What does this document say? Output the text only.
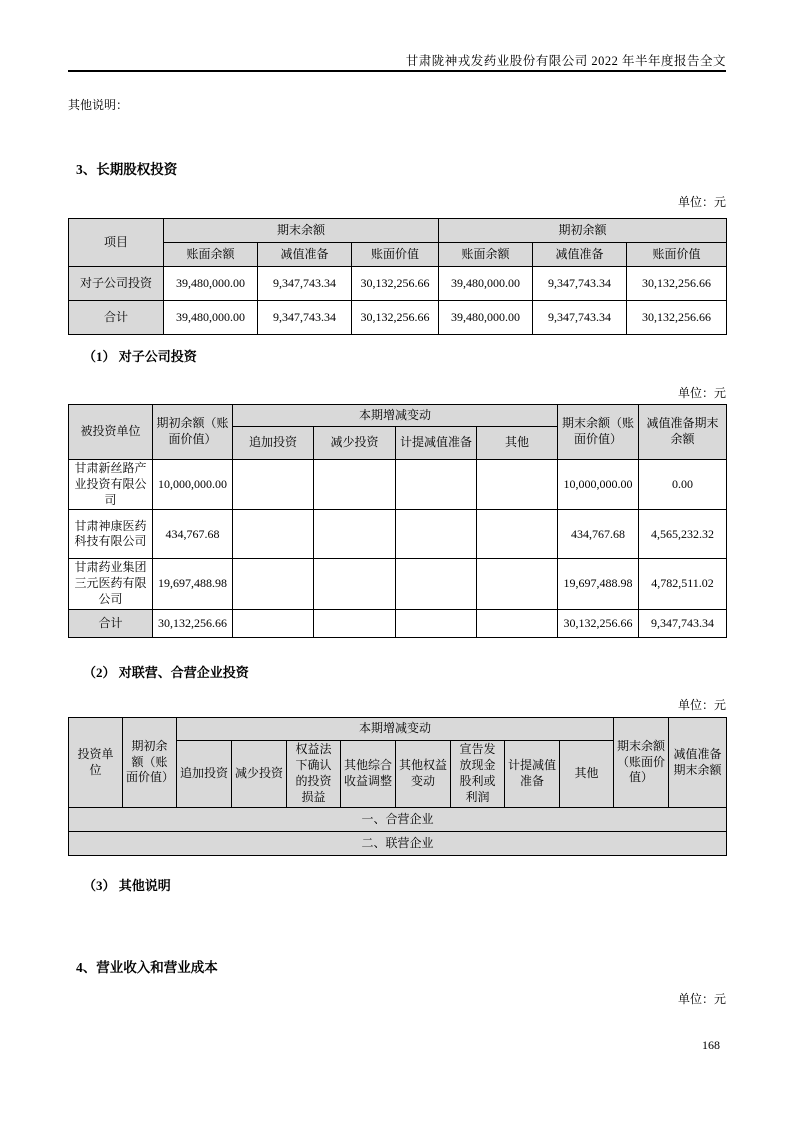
甘肃陇神戎发药业股份有限公司 2022 年半年度报告全文
其他说明：
3、长期股权投资
单位：元
项目	期末余额			期初余额		
	账面余额	减值准备	账面价值	账面余额	减值准备	账面价值
对子公司投资	39,480,000.00	9,347,743.34	30,132,256.66	39,480,000.00	9,347,743.34	30,132,256.66
合计	39,480,000.00	9,347,743.34	30,132,256.66	39,480,000.00	9,347,743.34	30,132,256.66
（1） 对子公司投资
单位：元
被投资单位	期初余额（账面价值）	本期增减变动				期末余额（账面价值）	减值准备期末余额
		追加投资	减少投资	计提减值准备	其他		
甘肃新丝路产业投资有限公司	10,000,000.00					10,000,000.00	0.00
甘肃神康医药科技有限公司	434,767.68					434,767.68	4,565,232.32
甘肃药业集团三元医药有限公司	19,697,488.98					19,697,488.98	4,782,511.02
合计	30,132,256.66					30,132,256.66	9,347,743.34
（2） 对联营、合营企业投资
单位：元
投资单位	期初余额（账面价值）	本期增减变动								期末余额（账面价值）	减值准备期末余额
		追加投资	减少投资	权益法下确认的投资损益	其他综合收益调整	其他权益变动	宣告发放现金股利或利润	计提减值准备	其他		
一、合营企业											
二、联营企业											
（3） 其他说明
4、营业收入和营业成本
单位：元
168
